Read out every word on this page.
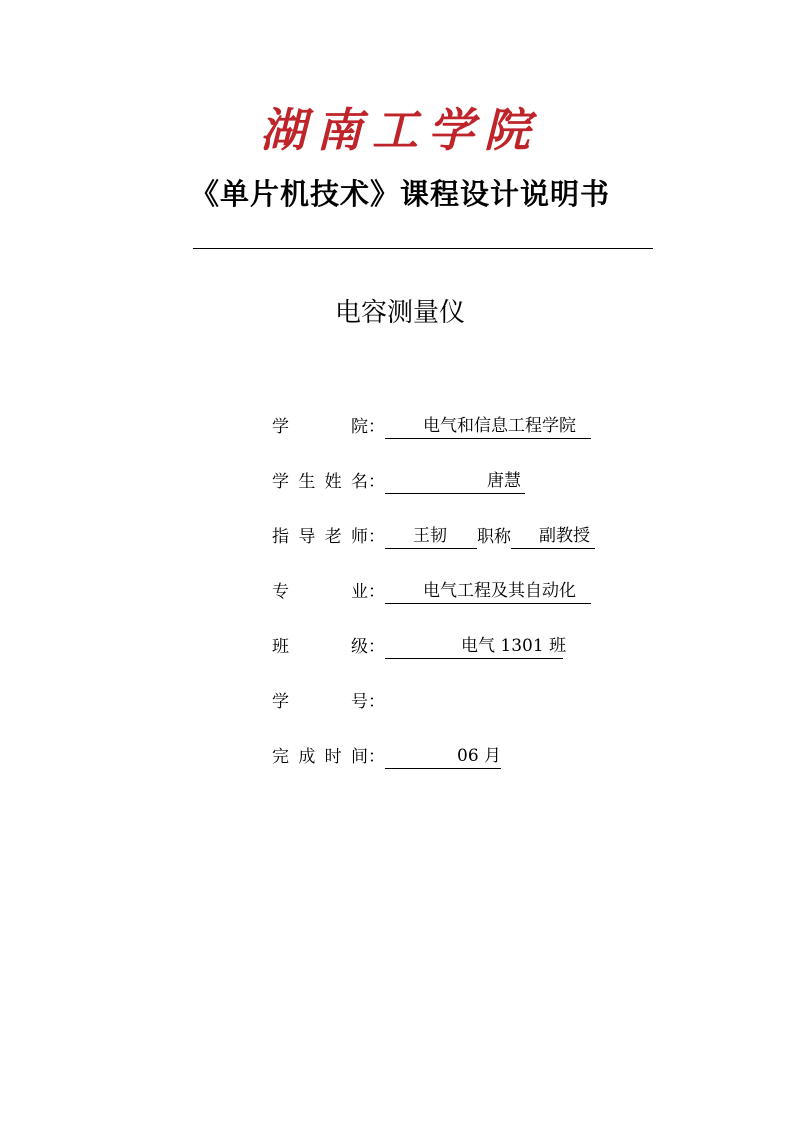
湖南工学院
《单片机技术》课程设计说明书
电容测量仪
学　院： 电气和信息工程学院
学生姓名：	唐慧
指导老师： 王韧 职称 副教授
专　业： 电气工程及其自动化
班　级：	电气 1301 班
学　号：
完成时间：	06 月
